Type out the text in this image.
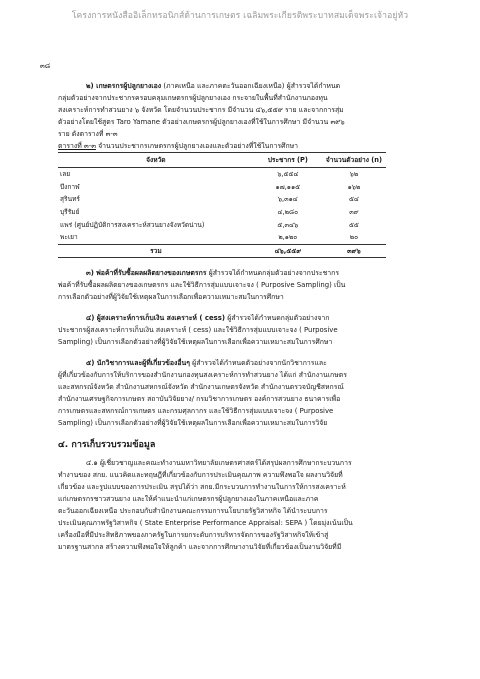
โครงการหนังสืออิเล็กทรอนิกส์ด้านการเกษตร เฉลิมพระเกียรติพระบาทสมเด็จพระเจ้าอยู่หัว
๓๘

๒) เกษตรกรผู้ปลูกยางเอง (ภาคเหนือ และภาคตะวันออกเฉียงเหนือ) ผู้สำรวจได้กำหนด

กลุ่มตัวอย่างจากประชากรครอบคลุมเกษตรกรผู้ปลูกยางเอง กระจายในพื้นที่สำนักงานกองทุน

สงเคราะห์การทำสวนยาง ๖ จังหวัด โดยจำนวนประชากร มีจำนวน ๔๖,๕๕๙ ราย และจากการสุ่ม

ตัวอย่างโดยใช้สูตร Taro Yamane ตัวอย่างเกษตรกรผู้ปลูกยางเองที่ใช้ในการศึกษา มีจำนวน ๓๙๖

ราย ดังตารางที่ ๓-๓

ตารางที่ ๓-๓ จำนวนประชากรเกษตรกรผู้ปลูกยางเองและตัวอย่างที่ใช้ในการศึกษา

จังหวัด	ประชากร (P)	จำนวนตัวอย่าง (n)
เลย	๖,๕๕๔	๖๒
บึงกาฬ	๑๗,๑๑๕	๑๖๒
สุรินทร์	๖,๓๑๔	๕๔
บุรีรัมย์	๔,๒๘๐	๓๙
แพร่ (ศูนย์ปฏิบัติการสงเคราะห์สวนยางจังหวัดน่าน)	๕,๓๔๖	๕๕
พะเยา	๒,๑๒๐	๒๐
รวม	๔๖,๕๕๙	๓๙๖

๓) พ่อค้าที่รับซื้อผลผลิตยางของเกษตรกร ผู้สำรวจได้กำหนดกลุ่มตัวอย่างจากประชากร

พ่อค้าที่รับซื้อผลผลิตยางของเกษตรกร และใช้วิธีการสุ่มแบบเจาะจง ( Purposive Sampling) เป็น

การเลือกตัวอย่างที่ผู้วิจัยใช้เหตุผลในการเลือกเพื่อความเหมาะสมในการศึกษา

๔) ผู้สงเคราะห์การเก็บเงิน สงเคราะห์ ( cess) ผู้สำรวจได้กำหนดกลุ่มตัวอย่างจาก

ประชากรผู้สงเคราะห์การเก็บเงิน สงเคราะห์ ( cess) และใช้วิธีการสุ่มแบบเจาะจง ( Purposive

Sampling) เป็นการเลือกตัวอย่างที่ผู้วิจัยใช้เหตุผลในการเลือกเพื่อความเหมาะสมในการศึกษา

๕) นักวิชาการและผู้ที่เกี่ยวข้องอื่นๆ ผู้สำรวจได้กำหนดตัวอย่างจากนักวิชาการและ

ผู้ที่เกี่ยวข้องกับการให้บริการของสำนักงานกองทุนสงเคราะห์การทำสวนยาง ได้แก่ สำนักงานเกษตร

และสหกรณ์จังหวัด สำนักงานสหกรณ์จังหวัด สำนักงานเกษตรจังหวัด สำนักงานตรวจบัญชีสหกรณ์

สำนักงานเศรษฐกิจการเกษตร สถาบันวิจัยยาง/ กรมวิชาการเกษตร องค์การสวนยาง ธนาคารเพื่อ

การเกษตรและสหกรณ์การเกษตร และกรมศุลกากร และใช้วิธีการสุ่มแบบเจาะจง ( Purposive

Sampling) เป็นการเลือกตัวอย่างที่ผู้วิจัยใช้เหตุผลในการเลือกเพื่อความเหมาะสมในการวิจัย

๔. การเก็บรวบรวมข้อมูล

๔.๑ ผู้เชี่ยวชาญและคณะทำงานมหาวิทยาลัยเกษตรศาสตร์ได้สรุปผลการศึกษากระบวนการ

ทำงานของ สกย. แนวคิดและทฤษฎีที่เกี่ยวข้องกับการประเมินคุณภาพ ความพึงพอใจ ผลงานวิจัยที่

เกี่ยวข้อง และรูปแบบของการประเมิน สรุปได้ว่า สกย.มีกระบวนการทำงานในการให้การสงเคราะห์

แก่เกษตรกรชาวสวนยาง และให้คำแนะนำแก่เกษตรกรผู้ปลูกยางเองในภาคเหนือและภาค

ตะวันออกเฉียงเหนือ ประกอบกับสำนักงานคณะกรรมการนโยบายรัฐวิสาหกิจ ได้นำระบบการ

ประเมินคุณภาพรัฐวิสาหกิจ ( State Enterprise Performance Appraisal: SEPA ) โดยมุ่งเน้นเป็น

เครื่องมือที่มีประสิทธิภาพของภาครัฐในการยกระดับการบริหารจัดการของรัฐวิสาหกิจให้เข้าสู่

มาตรฐานสากล สร้างความพึงพอใจให้ลูกค้า และจากการศึกษางานวิจัยที่เกี่ยวข้องเป็นงานวิจัยที่มี
